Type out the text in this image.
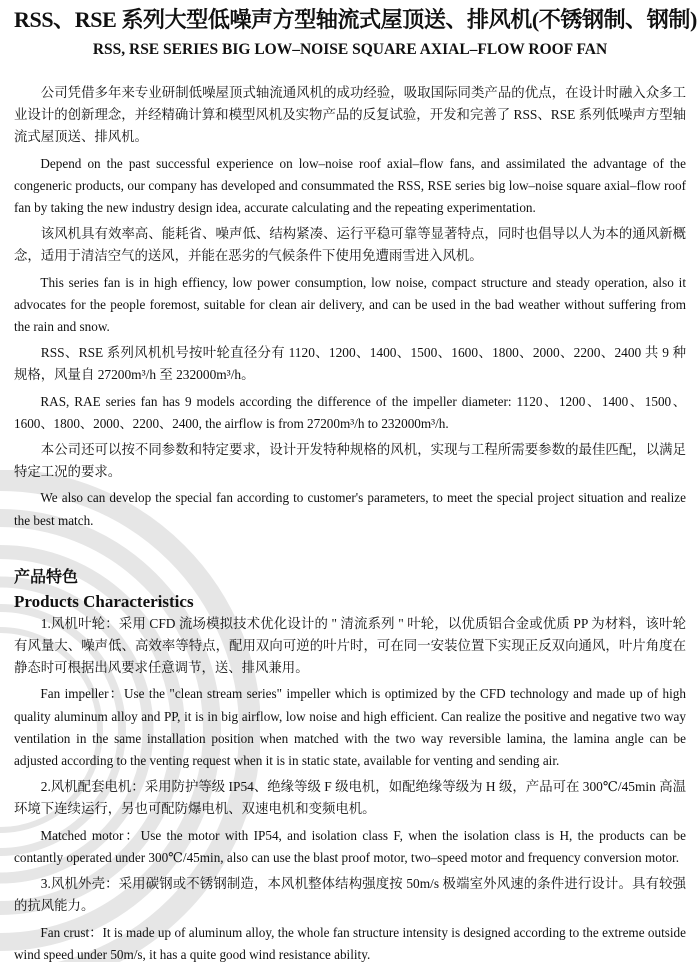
RSS、RSE 系列大型低噪声方型轴流式屋顶送、排风机(不锈钢制、钢制)
RSS, RSE SERIES BIG LOW–NOISE SQUARE AXIAL–FLOW ROOF FAN

公司凭借多年来专业研制低噪屋顶式轴流通风机的成功经验，吸取国际同类产品的优点，在设计时融入众多工业设计的创新理念，并经精确计算和模型风机及实物产品的反复试验，开发和完善了 RSS、RSE 系列低噪声方型轴流式屋顶送、排风机。

Depend on the past successful experience on low–noise roof axial–flow fans, and assimilated the advantage of the congeneric products, our company has developed and consummated the RSS, RSE series big low–noise square axial–flow roof fan by taking the new industry design idea, accurate calculating and the repeating experimentation.

该风机具有效率高、能耗省、噪声低、结构紧凑、运行平稳可靠等显著特点，同时也倡导以人为本的通风新概念，适用于清洁空气的送风，并能在恶劣的气候条件下使用免遭雨雪进入风机。

This series fan is in high effiency, low power consumption, low noise, compact structure and steady operation, also it advocates for the people foremost, suitable for clean air delivery, and can be used in the bad weather without suffering from the rain and snow.

RSS、RSE 系列风机机号按叶轮直径分有 1120、1200、1400、1500、1600、1800、2000、2200、2400 共 9 种规格，风量自 27200m³/h 至 232000m³/h。

RAS, RAE series fan has 9 models according the difference of the impeller diameter: 1120、1200、1400、1500、1600、1800、2000、2200、2400, the airflow is from 27200m³/h to 232000m³/h.

本公司还可以按不同参数和特定要求，设计开发特种规格的风机，实现与工程所需要参数的最佳匹配，以满足特定工况的要求。

We also can develop the special fan according to customer's parameters, to meet the special project situation and realize the best match.

产品特色
Products Characteristics

1.风机叶轮：采用 CFD 流场模拟技术优化设计的 " 清流系列 " 叶轮，以优质铝合金或优质 PP 为材料，该叶轮有风量大、噪声低、高效率等特点，配用双向可逆的叶片时，可在同一安装位置下实现正反双向通风，叶片角度在静态时可根据出风要求任意调节，送、排风兼用。

Fan impeller：Use the "clean stream series" impeller which is optimized by the CFD technology and made up of high quality aluminum alloy and PP, it is in big airflow, low noise and high efficient. Can realize the positive and negative two way ventilation in the same installation position when matched with the two way reversible lamina, the lamina angle can be adjusted according to the venting request when it is in static state, available for venting and sending air.

2.风机配套电机：采用防护等级 IP54、绝缘等级 F 级电机，如配绝缘等级为 H 级，产品可在 300℃/45min 高温环境下连续运行，另也可配防爆电机、双速电机和变频电机。

Matched motor：Use the motor with IP54, and isolation class F, when the isolation class is H, the products can be contantly operated under 300℃/45min, also can use the blast proof motor, two–speed motor and frequency conversion motor.

3.风机外壳：采用碳钢或不锈钢制造，本风机整体结构强度按 50m/s 极端室外风速的条件进行设计。具有较强的抗风能力。

Fan crust：It is made up of aluminum alloy, the whole fan structure intensity is designed according to the extreme outside wind speed under 50m/s, it has a quite good wind resistance ability.
